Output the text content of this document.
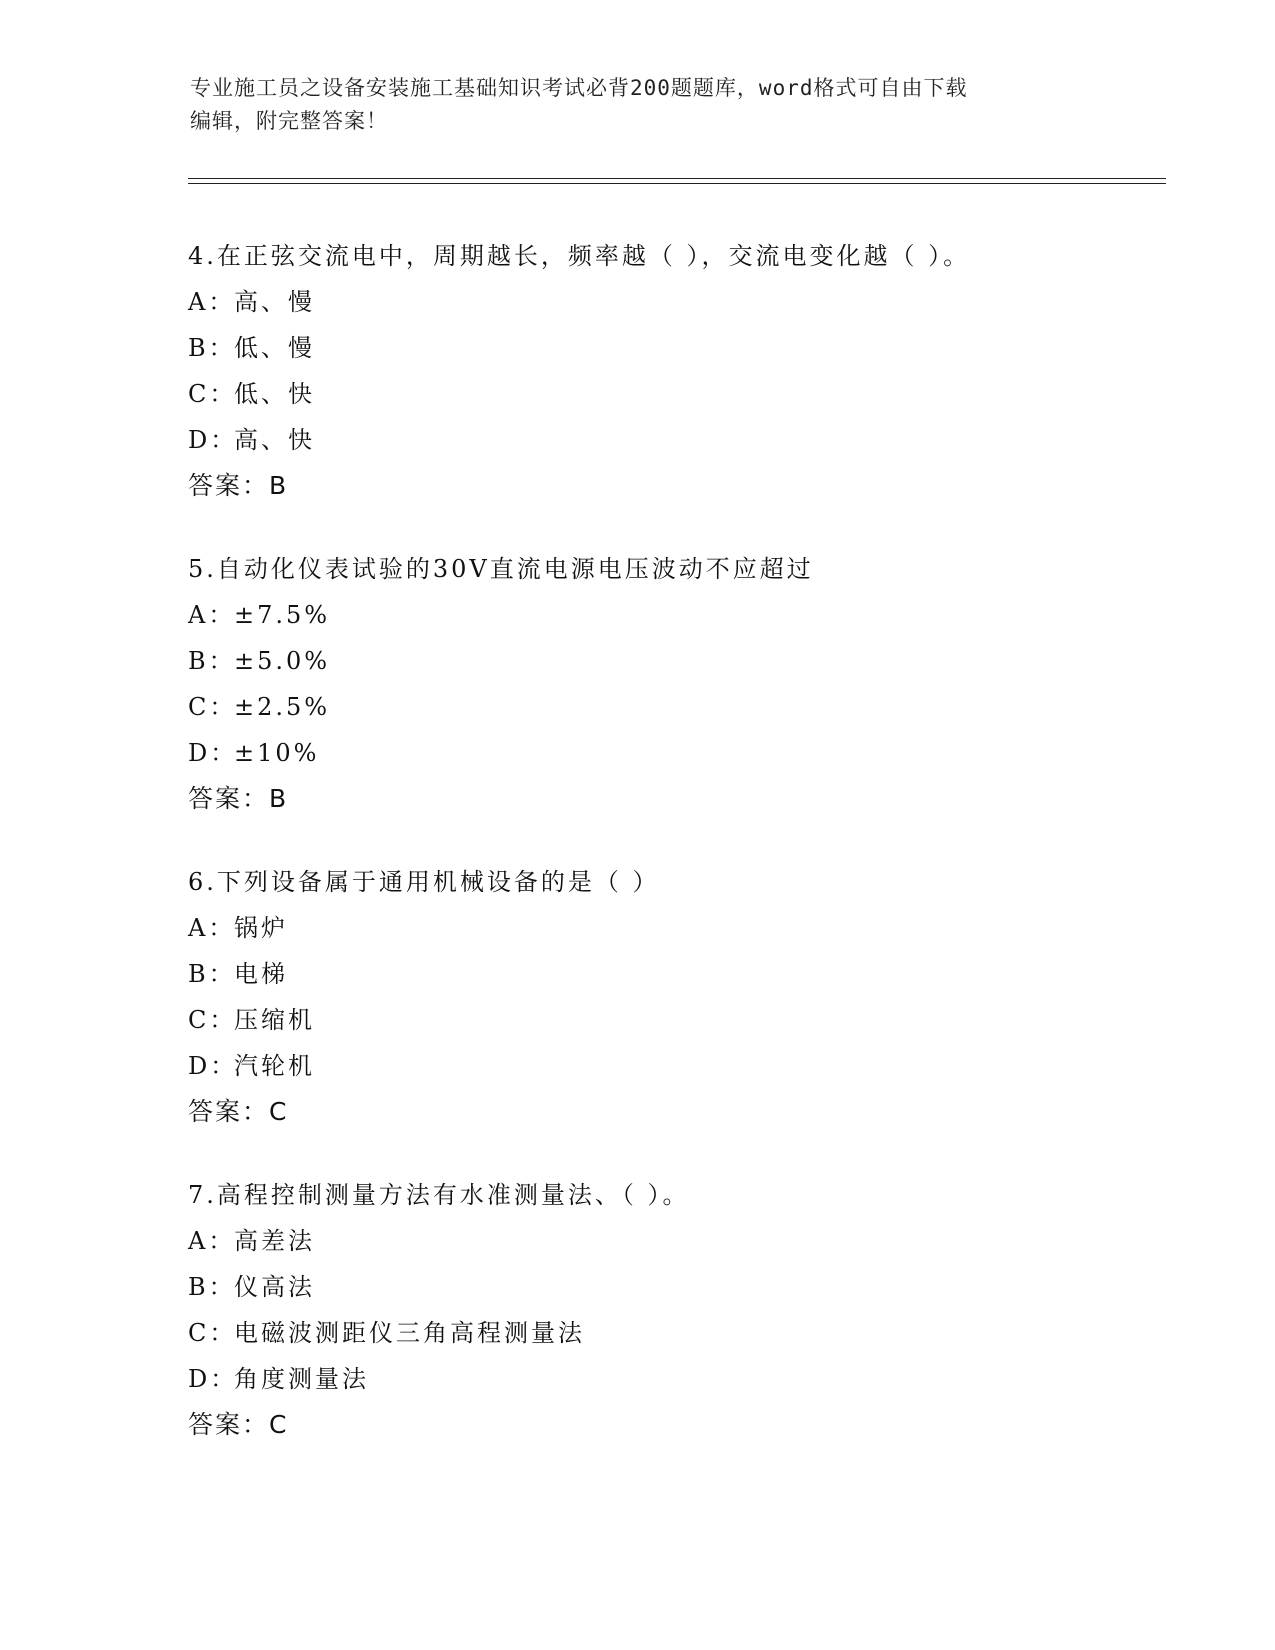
专业施工员之设备安装施工基础知识考试必背200题题库，word格式可自由下载
编辑，附完整答案！
4.在正弦交流电中，周期越长，频率越（ ），交流电变化越（ ）。
A：高、慢
B：低、慢
C：低、快
D：高、快
答案：B
5.自动化仪表试验的30V直流电源电压波动不应超过
A：±7.5%
B：±5.0%
C：±2.5%
D：±10%
答案：B
6.下列设备属于通用机械设备的是（ ）
A：锅炉
B：电梯
C：压缩机
D：汽轮机
答案：C
7.高程控制测量方法有水准测量法、（ ）。
A：高差法
B：仪高法
C：电磁波测距仪三角高程测量法
D：角度测量法
答案：C
